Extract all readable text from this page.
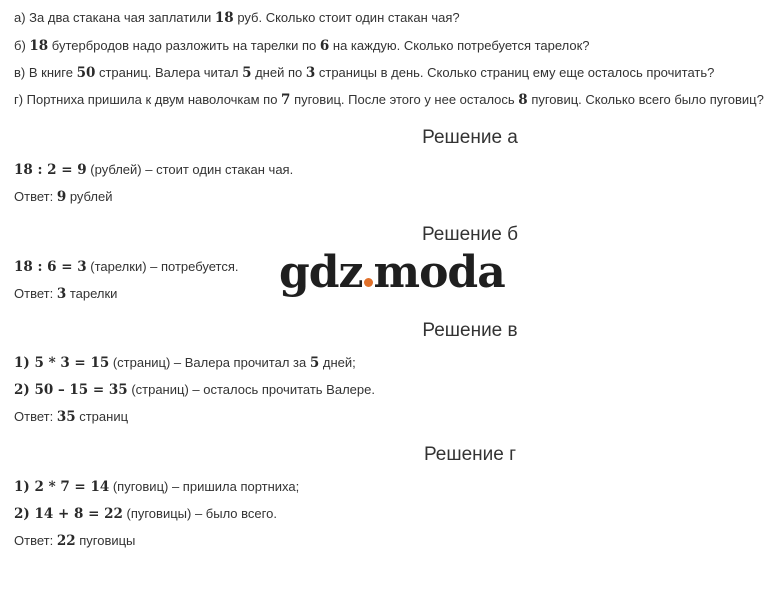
а) За два стакана чая заплатили 18 руб. Сколько стоит один стакан чая?
б) 18 бутербродов надо разложить на тарелки по 6 на каждую. Сколько потребуется тарелок?
в) В книге 50 страниц. Валера читал 5 дней по 3 страницы в день. Сколько страниц ему еще осталось прочитать?
г) Портниха пришила к двум наволочкам по 7 пуговиц. После этого у нее осталось 8 пуговиц. Сколько всего было пуговиц?
Решение а
18 : 2 = 9 (рублей) – стоит один стакан чая.
Ответ: 9 рублей
Решение б
18 : 6 = 3 (тарелки) – потребуется.
Ответ: 3 тарелки	gdz moda
Решение в
1) 5 * 3 = 15 (страниц) – Валера прочитал за 5 дней;
2) 50 – 15 = 35 (страниц) – осталось прочитать Валере.
Ответ: 35 страниц
Решение г
1) 2 * 7 = 14 (пуговиц) – пришила портниха;
2) 14 + 8 = 22 (пуговицы) – было всего.
Ответ: 22 пуговицы
